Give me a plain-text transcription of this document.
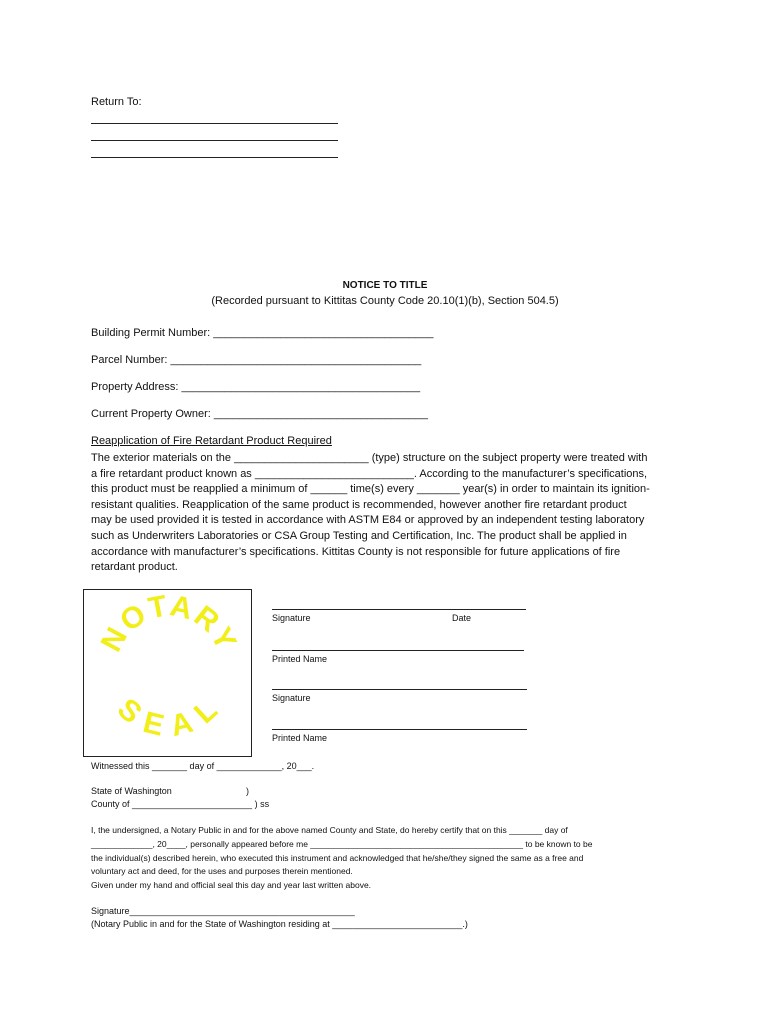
Return To:
NOTICE TO TITLE
(Recorded pursuant to Kittitas County Code 20.10(1)(b), Section 504.5)
Building Permit Number: ____________________________________
Parcel Number: _________________________________________
Property Address: _______________________________________
Current Property Owner: ___________________________________
Reapplication of Fire Retardant Product Required
The exterior materials on the ______________________ (type) structure on the subject property were treated with
a fire retardant product known as __________________________. According to the manufacturer’s specifications,
this product must be reapplied a minimum of ______ time(s) every _______ year(s) in order to maintain its ignition-
resistant qualities. Reapplication of the same product is recommended, however another fire retardant product
may be used provided it is tested in accordance with ASTM E84 or approved by an independent testing laboratory
such as Underwriters Laboratories or CSA Group Testing and Certification, Inc. The product shall be applied in
accordance with manufacturer’s specifications. Kittitas County is not responsible for future applications of fire
retardant product.
NOTARY
SEAL
Signature	Date
Printed Name
Signature
Printed Name
Witnessed this _______ day of _____________, 20___.
State of Washington	)
County of ________________________ ) ss
I, the undersigned, a Notary Public in and for the above named County and State, do hereby certify that on this _______ day of
_____________, 20____, personally appeared before me _____________________________________________ to be known to be
the individual(s) described herein, who executed this instrument and acknowledged that he/she/they signed the same as a free and
voluntary act and deed, for the uses and purposes therein mentioned.
Given under my hand and official seal this day and year last written above.
Signature_____________________________________________
(Notary Public in and for the State of Washington residing at __________________________.)
